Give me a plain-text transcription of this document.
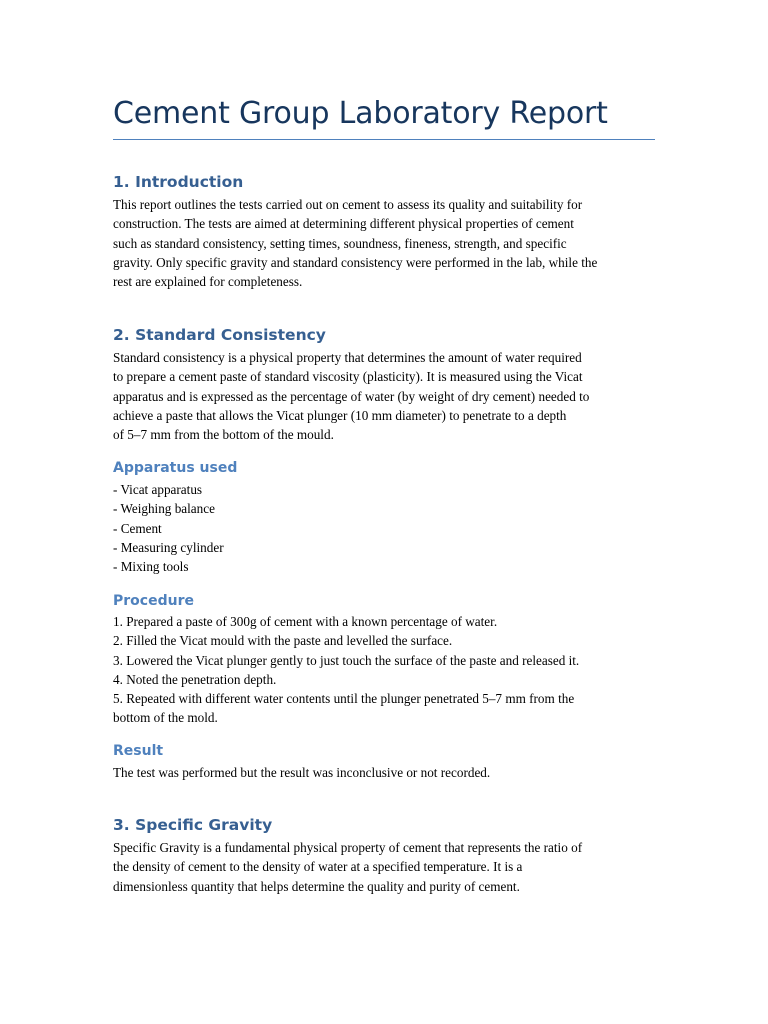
Cement Group Laboratory Report
1. Introduction
This report outlines the tests carried out on cement to assess its quality and suitability for
construction. The tests are aimed at determining different physical properties of cement
such as standard consistency, setting times, soundness, fineness, strength, and specific
gravity. Only specific gravity and standard consistency were performed in the lab, while the
rest are explained for completeness.
2. Standard Consistency
Standard consistency is a physical property that determines the amount of water required
to prepare a cement paste of standard viscosity (plasticity). It is measured using the Vicat
apparatus and is expressed as the percentage of water (by weight of dry cement) needed to
achieve a paste that allows the Vicat plunger (10 mm diameter) to penetrate to a depth
of 5–7 mm from the bottom of the mould.
Apparatus used
- Vicat apparatus
- Weighing balance
- Cement
- Measuring cylinder
- Mixing tools
Procedure
1. Prepared a paste of 300g of cement with a known percentage of water.
2. Filled the Vicat mould with the paste and levelled the surface.
3. Lowered the Vicat plunger gently to just touch the surface of the paste and released it.
4. Noted the penetration depth.
5. Repeated with different water contents until the plunger penetrated 5–7 mm from the
bottom of the mold.
Result
The test was performed but the result was inconclusive or not recorded.
3. Specific Gravity
Specific Gravity is a fundamental physical property of cement that represents the ratio of
the density of cement to the density of water at a specified temperature. It is a
dimensionless quantity that helps determine the quality and purity of cement.
